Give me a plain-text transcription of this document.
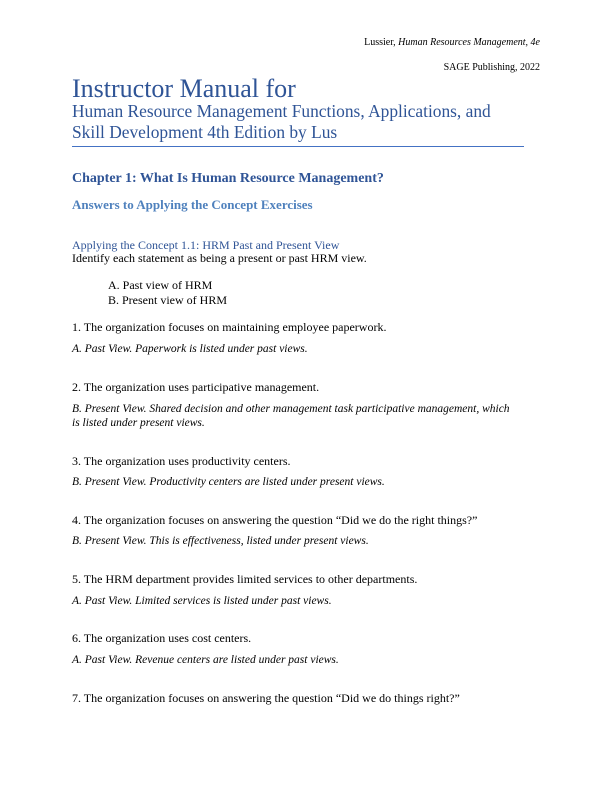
Lussier, Human Resources Management, 4e
SAGE Publishing, 2022
Instructor Manual for
Human Resource Management Functions, Applications, and Skill Development 4th Edition by Lus
Chapter 1: What Is Human Resource Management?
Answers to Applying the Concept Exercises
Applying the Concept 1.1: HRM Past and Present View
Identify each statement as being a present or past HRM view.
A. Past view of HRM
B. Present view of HRM
1. The organization focuses on maintaining employee paperwork.
A. Past View. Paperwork is listed under past views.
2. The organization uses participative management.
B. Present View. Shared decision and other management task participative management, which is listed under present views.
3. The organization uses productivity centers.
B. Present View. Productivity centers are listed under present views.
4. The organization focuses on answering the question “Did we do the right things?”
B. Present View. This is effectiveness, listed under present views.
5. The HRM department provides limited services to other departments.
A. Past View. Limited services is listed under past views.
6. The organization uses cost centers.
A. Past View. Revenue centers are listed under past views.
7. The organization focuses on answering the question “Did we do things right?”
